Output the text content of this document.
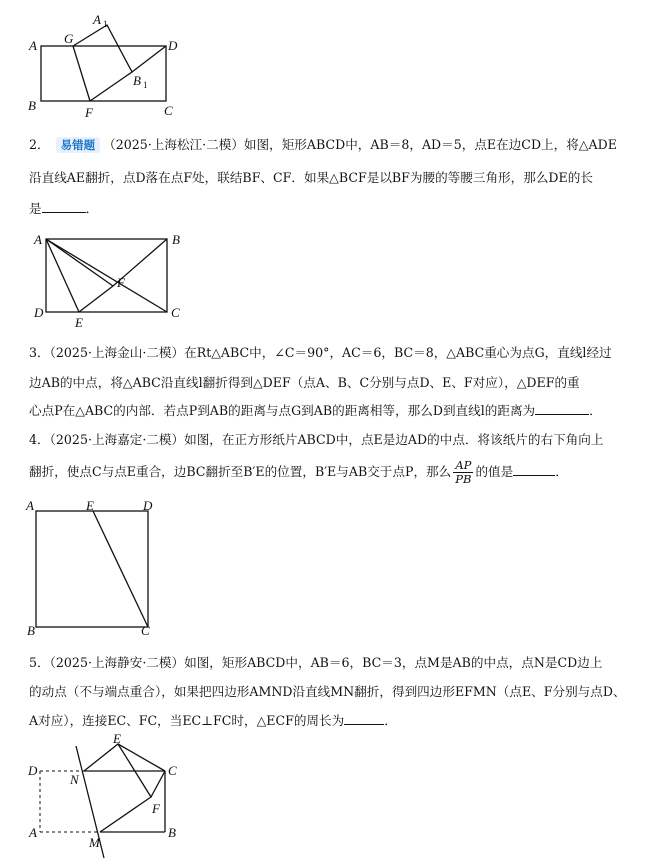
A G
A 1
D
B 1
B	F	C
2． 易错题 （2025·上海松江·二模）如图，矩形ABCD中，AB＝8，AD＝5，点E在边CD上，将△ADE
沿直线AE翻折，点D落在点F处，联结BF、CF．如果△BCF是以BF为腰的等腰三角形，那么DE的长
是	．
A	B
D
E
F
C
3．（2025·上海金山·二模）在Rt△ABC中，∠C＝90°，AC＝6，BC＝8，△ABC重心为点G，直线l经过
边AB的中点，将△ABC沿直线l翻折得到△DEF（点A、B、C分别与点D、E、F对应），△DEF的重
心点P在△ABC的内部．若点P到AB的距离与点G到AB的距离相等，那么D到直线l的距离为	．
4．（2025·上海嘉定·二模）如图，在正方形纸片ABCD中，点E是边AD的中点．将该纸片的右下角向上
翻折，使点C与点E重合，边BC翻折至B′E的位置，B′E与AB交于点P，那么 $\frac{AP}{PB}$ 的值是	．
A	E	D
B	C
5．（2025·上海静安·二模）如图，矩形ABCD中，AB＝6，BC＝3，点M是AB的中点，点N是CD边上
的动点（不与端点重合），如果把四边形AMND沿直线MN翻折，得到四边形EFMN（点E、F分别与点D、
A对应），连接EC、FC，当EC⊥FC时，△ECF的周长为	．
E
D
N
C
F
A
M
B
